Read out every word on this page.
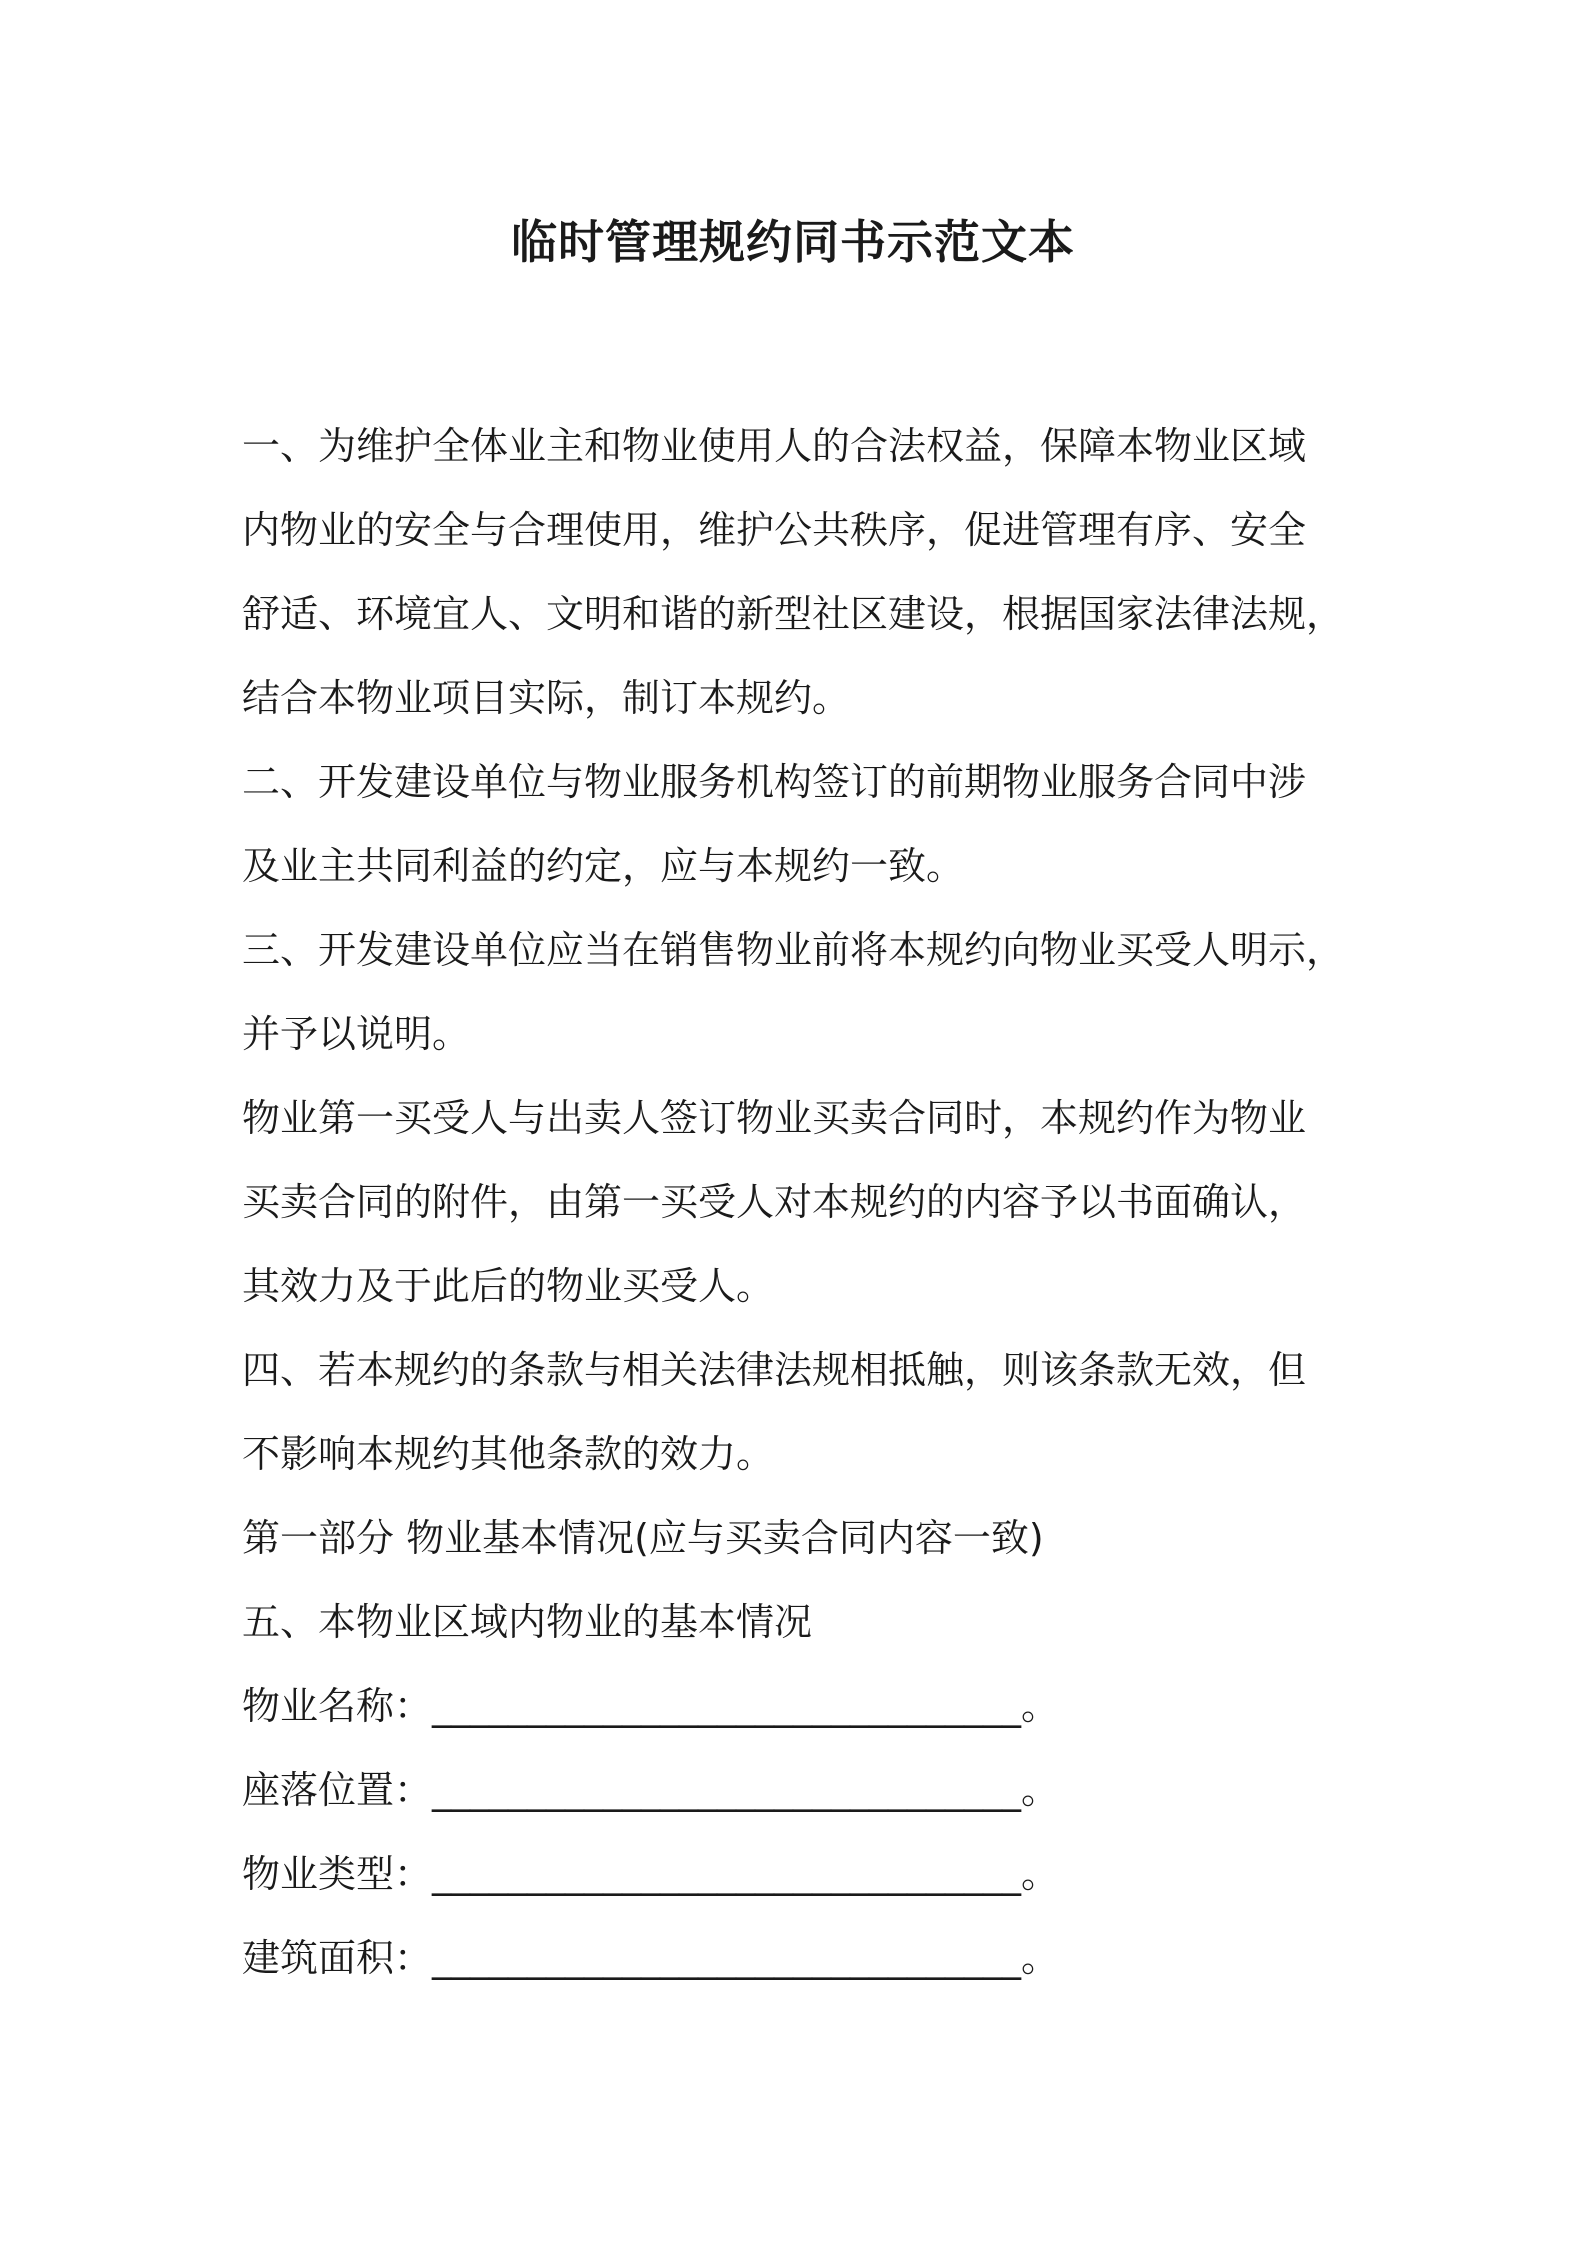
临时管理规约同书示范文本
一、为维护全体业主和物业使用人的合法权益，保障本物业区域
内物业的安全与合理使用，维护公共秩序，促进管理有序、安全
舒适、环境宜人、文明和谐的新型社区建设，根据国家法律法规，
结合本物业项目实际，制订本规约。
二、开发建设单位与物业服务机构签订的前期物业服务合同中涉
及业主共同利益的约定，应与本规约一致。
三、开发建设单位应当在销售物业前将本规约向物业买受人明示，
并予以说明。
物业第一买受人与出卖人签订物业买卖合同时，本规约作为物业
买卖合同的附件，由第一买受人对本规约的内容予以书面确认，
其效力及于此后的物业买受人。
四、若本规约的条款与相关法律法规相抵触，则该条款无效，但
不影响本规约其他条款的效力。
第一部分 物业基本情况(应与买卖合同内容一致)
五、本物业区域内物业的基本情况
物业名称：_______________________________。
座落位置：_______________________________。
物业类型：_______________________________。
建筑面积：_______________________________。
